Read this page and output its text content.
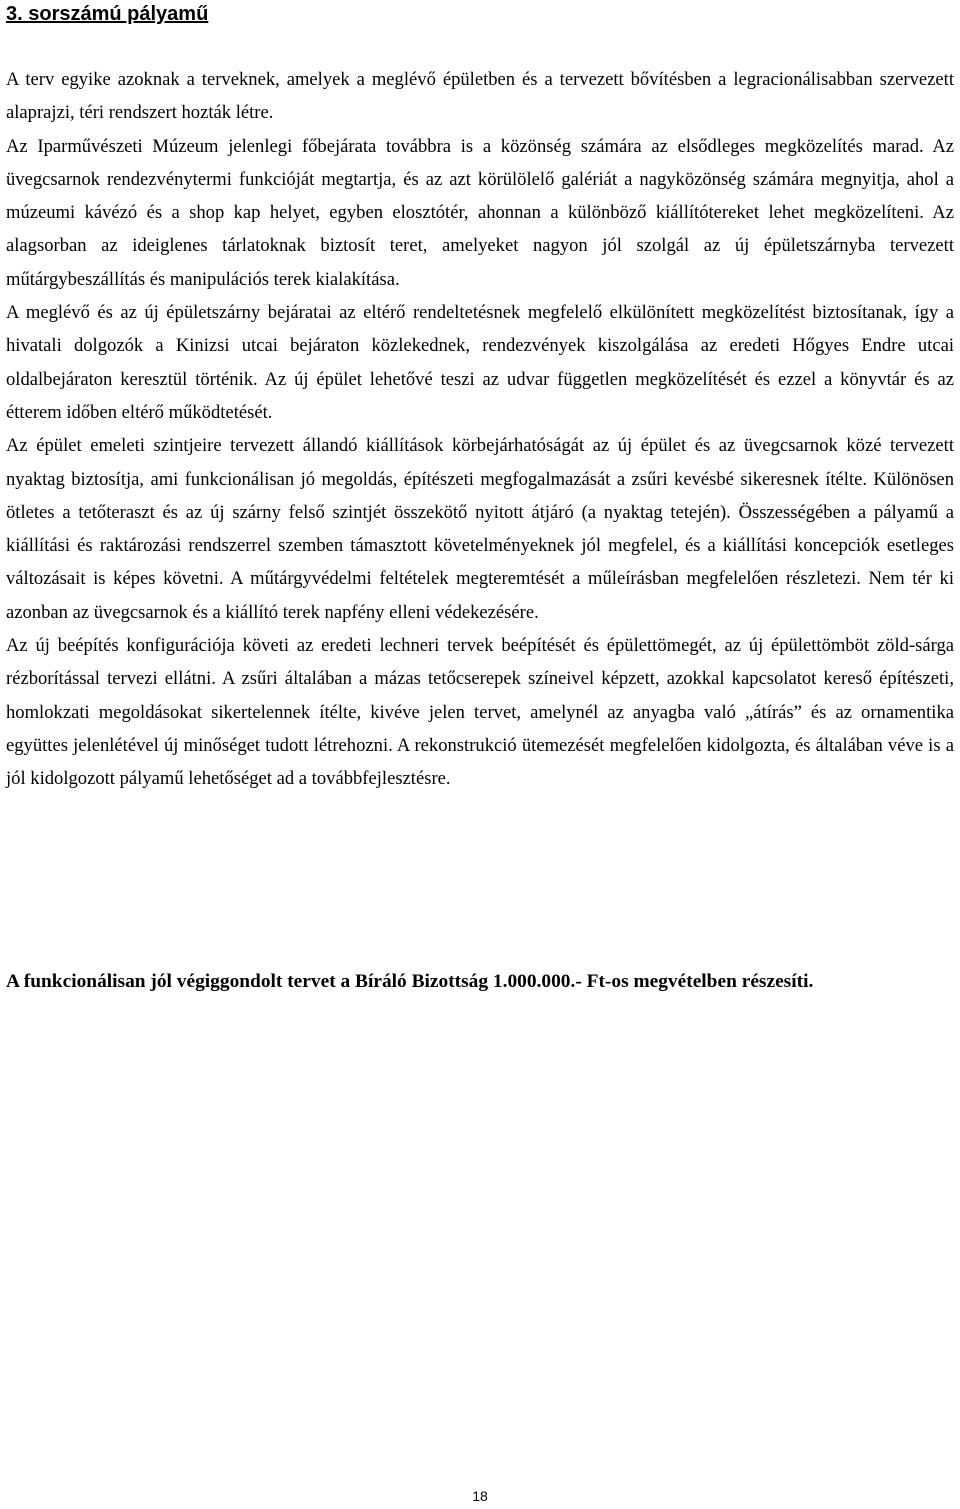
3. sorszámú pályamű

A terv egyike azoknak a terveknek, amelyek a meglévő épületben és a tervezett bővítésben a legracionálisabban szervezett alaprajzi, téri rendszert hozták létre.

Az Iparművészeti Múzeum jelenlegi főbejárata továbbra is a közönség számára az elsődleges megközelítés marad. Az üvegcsarnok rendezvénytermi funkcióját megtartja, és az azt körülölelő galériát a nagyközönség számára megnyitja, ahol a múzeumi kávézó és a shop kap helyet, egyben elosztótér, ahonnan a különböző kiállítótereket lehet megközelíteni. Az alagsorban az ideiglenes tárlatoknak biztosít teret, amelyeket nagyon jól szolgál az új épületszárnyba tervezett műtárgybeszállítás és manipulációs terek kialakítása.

A meglévő és az új épületszárny bejáratai az eltérő rendeltetésnek megfelelő elkülönített megközelítést biztosítanak, így a hivatali dolgozók a Kinizsi utcai bejáraton közlekednek, rendezvények kiszolgálása az eredeti Hőgyes Endre utcai oldalbejáraton keresztül történik. Az új épület lehetővé teszi az udvar független megközelítését és ezzel a könyvtár és az étterem időben eltérő működtetését.

Az épület emeleti szintjeire tervezett állandó kiállítások körbejárhatóságát az új épület és az üvegcsarnok közé tervezett nyaktag biztosítja, ami funkcionálisan jó megoldás, építészeti megfogalmazását a zsűri kevésbé sikeresnek ítélte. Különösen ötletes a tetőteraszt és az új szárny felső szintjét összekötő nyitott átjáró (a nyaktag tetején). Összességében a pályamű a kiállítási és raktározási rendszerrel szemben támasztott követelményeknek jól megfelel, és a kiállítási koncepciók esetleges változásait is képes követni. A műtárgyvédelmi feltételek megteremtését a műleírásban megfelelően részletezi. Nem tér ki azonban az üvegcsarnok és a kiállító terek napfény elleni védekezésére.

Az új beépítés konfigurációja követi az eredeti lechneri tervek beépítését és épülettömegét, az új épülettömböt zöld-sárga rézborítással tervezi ellátni. A zsűri általában a mázas tetőcserepek színeivel képzett, azokkal kapcsolatot kereső építészeti, homlokzati megoldásokat sikertelennek ítélte, kivéve jelen tervet, amelynél az anyagba való „átírás” és az ornamentika együttes jelenlétével új minőséget tudott létrehozni. A rekonstrukció ütemezését megfelelően kidolgozta, és általában véve is a jól kidolgozott pályamű lehetőséget ad a továbbfejlesztésre.

A funkcionálisan jól végiggondolt tervet a Bíráló Bizottság 1.000.000.- Ft-os megvételben részesíti.

18
